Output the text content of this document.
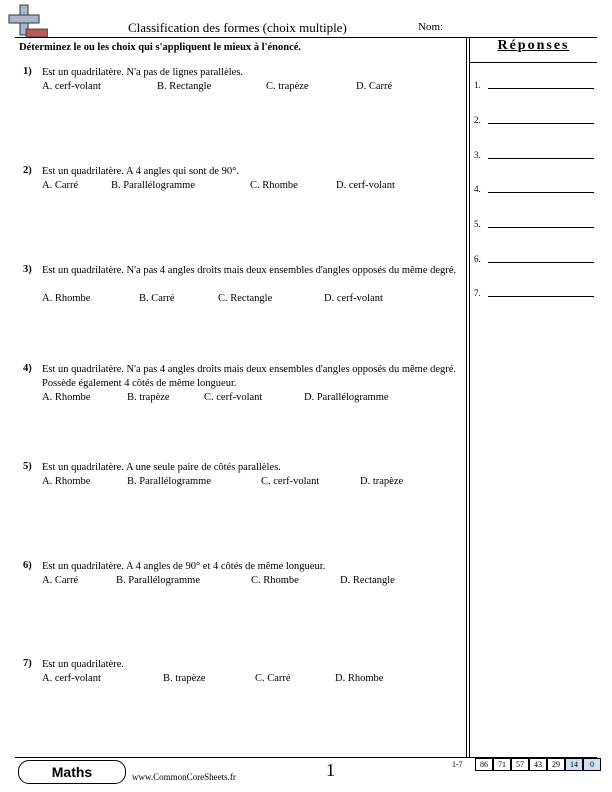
Classification des formes (choix multiple)	Nom:
Déterminez le ou les choix qui s'appliquent le mieux à l'énoncé.	Réponses
1.
2.
3.
4.
5.
6.
7.
1) Est un quadrilatère. N'a pas de lignes parallèles.
A. cerf-volant	B. Rectangle	C. trapèze	D. Carré
2) Est un quadrilatère. A 4 angles qui sont de 90°.
A. Carré	B. Parallélogramme	C. Rhombe	D. cerf-volant
3) Est un quadrilatère. N'a pas 4 angles droits mais deux ensembles d'angles opposés du même degré.
A. Rhombe	B. Carré	C. Rectangle	D. cerf-volant
4) Est un quadrilatère. N'a pas 4 angles droits mais deux ensembles d'angles opposés du même degré. Possède également 4 côtés de même longueur.
A. Rhombe	B. trapèze	C. cerf-volant	D. Parallélogramme
5) Est un quadrilatère. A une seule paire de côtés parallèles.
A. Rhombe	B. Parallélogramme	C. cerf-volant	D. trapèze
6) Est un quadrilatère. A 4 angles de 90° et 4 côtés de même longueur.
A. Carré	B. Parallélogramme	C. Rhombe	D. Rectangle
7) Est un quadrilatère.
A. cerf-volant	B. trapèze	C. Carré	D. Rhombe
Maths	www.CommonCoreSheets.fr	1	1-7	86	71	57	43	29	14	0
